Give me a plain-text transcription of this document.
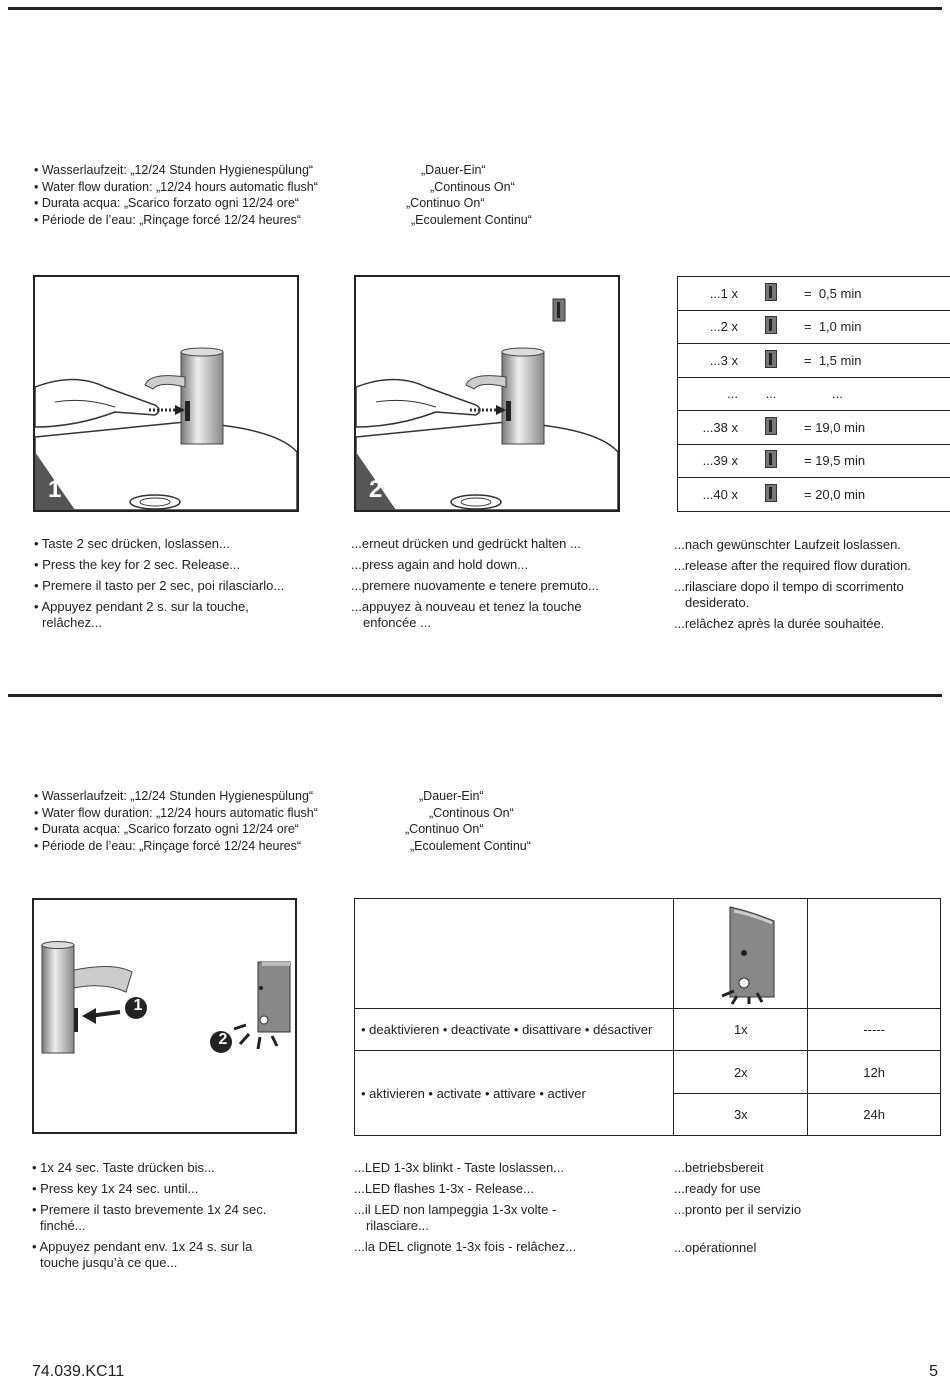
• Wasserlaufzeit: „12/24 Stunden Hygienespülung“
• Water flow duration: „12/24 hours automatic flush“
• Durata acqua: „Scarico forzato ogni 12/24 ore“
• Période de l’eau: „Rinçage forcé 12/24 heures“
„Dauer-Ein“
„Continous On“
„Continuo On“
„Ecoulement Continu“
1	2
...1 x	=  0,5 min

...2 x	=  1,0 min

...3 x	=  1,5 min

...	...	...

...38 x	= 19,0 min

...39 x	= 19,5 min

...40 x	= 20,0 min
• Taste 2 sec drücken, loslassen...
• Press the key for 2 sec. Release...
• Premere il tasto per 2 sec, poi rilasciarlo...
• Appuyez pendant 2 s. sur la touche,
relâchez...
...erneut drücken und gedrückt halten ...
...press again and hold down...
...premere nuovamente e tenere premuto...
...appuyez à nouveau et tenez la touche
enfoncée ...
...nach gewünschter Laufzeit loslassen.
...release after the required flow duration.
...rilasciare dopo il tempo di scorrimento
desiderato.
...relâchez après la durée souhaitée.
• Wasserlaufzeit: „12/24 Stunden Hygienespülung“
• Water flow duration: „12/24 hours automatic flush“
• Durata acqua: „Scarico forzato ogni 12/24 ore“
• Période de l’eau: „Rinçage forcé 12/24 heures“
„Dauer-Ein“
„Continous On“
„Continuo On“
„Ecoulement Continu“
1
2

• deaktivieren • deactivate • disattivare • désactiver	1x	-----
• aktivieren • activate • attivare • activer	2x	12h
	3x	24h
• 1x 24 sec. Taste drücken bis...
• Press key 1x 24 sec. until...
• Premere il tasto brevemente 1x 24 sec.
finché...
• Appuyez pendant env. 1x 24 s. sur la
touche jusqu’à ce que...
...LED 1-3x blinkt - Taste loslassen...
...LED flashes 1-3x - Release...
...il LED non lampeggia 1-3x volte -
rilasciare...
...la DEL clignote 1-3x fois - relâchez...
...betriebsbereit
...ready for use
...pronto per il servizio
...opérationnel
74.039.KC11	5
